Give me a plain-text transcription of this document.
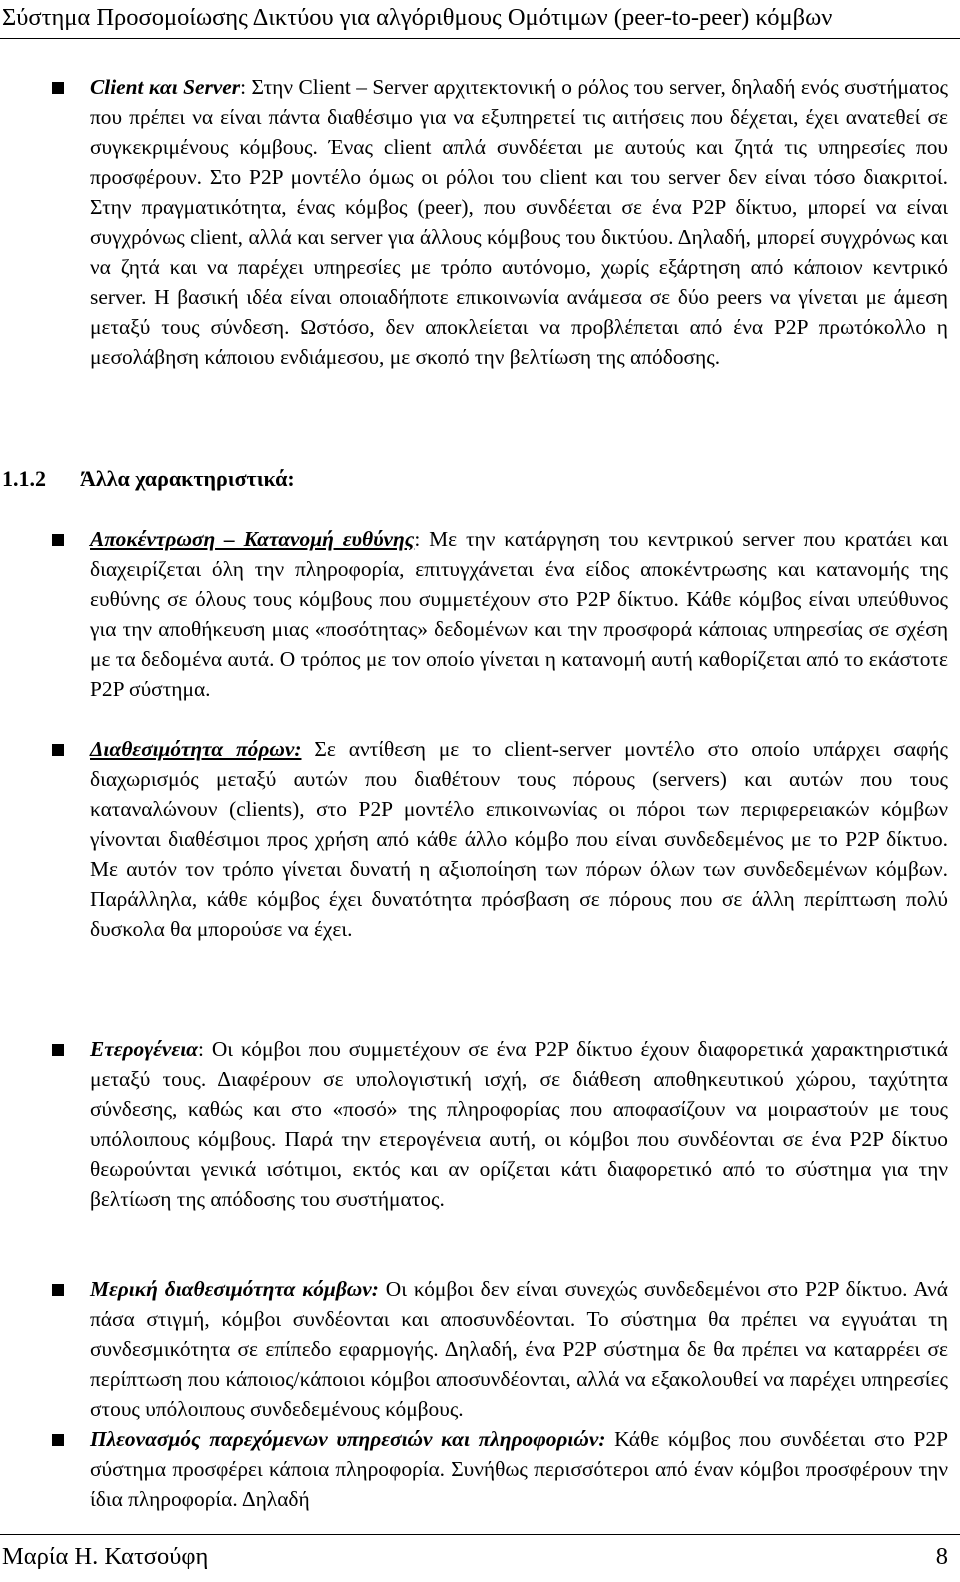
Σύστημα Προσομοίωσης Δικτύου για αλγόριθμους Ομότιμων (peer-to-peer) κόμβων
Client και Server: Στην Client – Server αρχιτεκτονική ο ρόλος του server, δηλαδή ενός συστήματος που πρέπει να είναι πάντα διαθέσιμο για να εξυπηρετεί τις αιτήσεις που δέχεται, έχει ανατεθεί σε συγκεκριμένους κόμβους. Ένας client απλά συνδέεται με αυτούς και ζητά τις υπηρεσίες που προσφέρουν. Στο P2P μοντέλο όμως οι ρόλοι του client και του server δεν είναι τόσο διακριτοί. Στην πραγματικότητα, ένας κόμβος (peer), που συνδέεται σε ένα P2P δίκτυο, μπορεί να είναι συγχρόνως client, αλλά και server για άλλους κόμβους του δικτύου. Δηλαδή, μπορεί συγχρόνως και να ζητά και να παρέχει υπηρεσίες με τρόπο αυτόνομο, χωρίς εξάρτηση από κάποιον κεντρικό server. Η βασική ιδέα είναι οποιαδήποτε επικοινωνία ανάμεσα σε δύο peers να γίνεται με άμεση μεταξύ τους σύνδεση. Ωστόσο, δεν αποκλείεται να προβλέπεται από ένα P2P πρωτόκολλο η μεσολάβηση κάποιου ενδιάμεσου, με σκοπό την βελτίωση της απόδοσης.
1.1.2 Άλλα χαρακτηριστικά:
Αποκέντρωση – Κατανομή ευθύνης: Με την κατάργηση του κεντρικού server που κρατάει και διαχειρίζεται όλη την πληροφορία, επιτυγχάνεται ένα είδος αποκέντρωσης και κατανομής της ευθύνης σε όλους τους κόμβους που συμμετέχουν στο P2P δίκτυο. Κάθε κόμβος είναι υπεύθυνος για την αποθήκευση μιας «ποσότητας» δεδομένων και την προσφορά κάποιας υπηρεσίας σε σχέση με τα δεδομένα αυτά. Ο τρόπος με τον οποίο γίνεται η κατανομή αυτή καθορίζεται από το εκάστοτε P2P σύστημα.
Διαθεσιμότητα πόρων: Σε αντίθεση με το client-server μοντέλο στο οποίο υπάρχει σαφής διαχωρισμός μεταξύ αυτών που διαθέτουν τους πόρους (servers) και αυτών που τους καταναλώνουν (clients), στο P2P μοντέλο επικοινωνίας οι πόροι των περιφερειακών κόμβων γίνονται διαθέσιμοι προς χρήση από κάθε άλλο κόμβο που είναι συνδεδεμένος με το P2P δίκτυο. Με αυτόν τον τρόπο γίνεται δυνατή η αξιοποίηση των πόρων όλων των συνδεδεμένων κόμβων. Παράλληλα, κάθε κόμβος έχει δυνατότητα πρόσβαση σε πόρους που σε άλλη περίπτωση πολύ δυσκολα θα μπορούσε να έχει.
Ετερογένεια: Οι κόμβοι που συμμετέχουν σε ένα P2P δίκτυο έχουν διαφορετικά χαρακτηριστικά μεταξύ τους. Διαφέρουν σε υπολογιστική ισχή, σε διάθεση αποθηκευτικού χώρου, ταχύτητα σύνδεσης, καθώς και στο «ποσό» της πληροφορίας που αποφασίζουν να μοιραστούν με τους υπόλοιπους κόμβους. Παρά την ετερογένεια αυτή, οι κόμβοι που συνδέονται σε ένα P2P δίκτυο θεωρούνται γενικά ισότιμοι, εκτός και αν ορίζεται κάτι διαφορετικό από το σύστημα για την βελτίωση της απόδοσης του συστήματος.
Μερική διαθεσιμότητα κόμβων: Οι κόμβοι δεν είναι συνεχώς συνδεδεμένοι στο P2P δίκτυο. Ανά πάσα στιγμή, κόμβοι συνδέονται και αποσυνδέονται. Το σύστημα θα πρέπει να εγγυάται τη συνδεσμικότητα σε επίπεδο εφαρμογής. Δηλαδή, ένα P2P σύστημα δε θα πρέπει να καταρρέει σε περίπτωση που κάποιος/κάποιοι κόμβοι αποσυνδέονται, αλλά να εξακολουθεί να παρέχει υπηρεσίες στους υπόλοιπους συνδεδεμένους κόμβους.
Πλεονασμός παρεχόμενων υπηρεσιών και πληροφοριών: Κάθε κόμβος που συνδέεται στο P2P σύστημα προσφέρει κάποια πληροφορία. Συνήθως περισσότεροι από έναν κόμβοι προσφέρουν την ίδια πληροφορία. Δηλαδή
Μαρία Η. Κατσούφη	8
